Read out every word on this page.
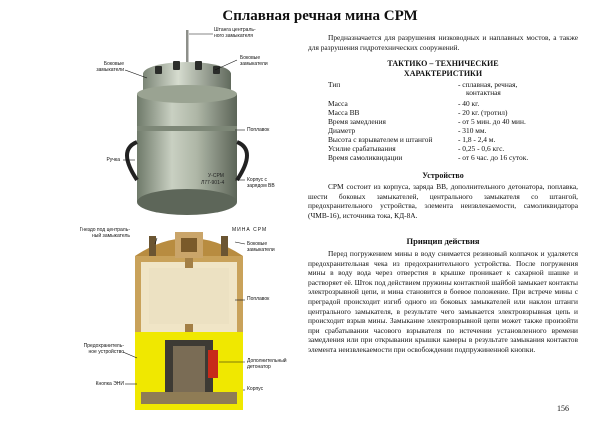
Сплавная речная мина СРМ
У-СРМ
Л77-901-4
Штанга централь-
ного замыкателя
Боковые
замыкатели
Боковые
замыкатели
Поплавок
Ручка
Корпус с
зарядом ВВ
МИНА СРМ
Гнездо под централь-
ный замыкатель
Боковые
замыкатели
Поплавок
Дополнительный
детонатор
Предохранитель-
ное устройство
Кнопка ЭНИ
Корпус
Предназначается для разрушения низководных и наплавных мостов, а также для разрушения гидротехнических сооружений.
ТАКТИКО – ТЕХНИЧЕСКИЕ
ХАРАКТЕРИСТИКИ
Тип	- сплавная, речная,
контактная
Масса	- 40 кг.
Масса ВВ	- 20 кг. (тротил)
Время замедления	- от 5 мин. до 40 мин.
Диаметр	- 310 мм.
Высота с взрывателем и штангой	- 1,8 - 2,4 м.
Усилие срабатывания	- 0,25 - 0,6 кгс.
Время самоликвидации	- от 6 час. до 16 суток.
Устройство
СРМ состоит из корпуса, заряда ВВ, дополнительного детонатора, поплавка, шести боковых замыкателей, центрального замыкателя со штангой, предохранительного устройства, элемента неизвлекаемости, самоликвидатора (ЧМВ-16), источника тока, КД-8А.
Принцип действия
Перед погружением мины в воду снимается резиновый колпачок и удаляется предохранительная чека из предохранительного устройства. После погружения мины в воду вода через отверстия в крышке проникает к сахарной шашке и растворяет её. Шток под действием пружины контактной шайбой замыкает контакты электрозрывной цепи, и мина становится в боевое положение. При встрече мины с преградой происходит изгиб одного из боковых замыкателей или наклон штанги центрального замыкателя, в результате чего замыкается электровзрывная цепь и происходит взрыв мины. Замыкание электровзрывной цепи может также произойти при срабатывании часового взрывателя по истечении установленного времени замедления или при открывании крышки камеры в результате замыкания контактов элемента неизвлекаемости при освобождении подпружиненной кнопки.
156
